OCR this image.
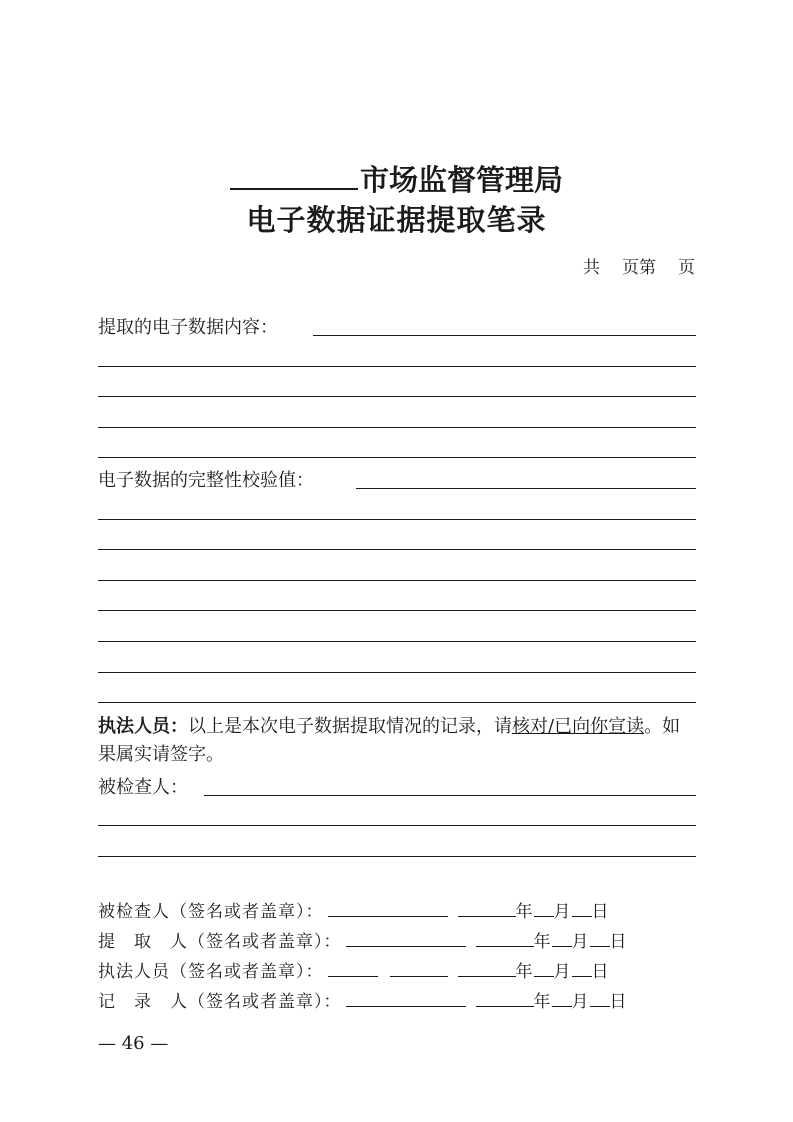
市场监督管理局
电子数据证据提取笔录
共 页第 页
提取的电子数据内容：
电子数据的完整性校验值：
执法人员：以上是本次电子数据提取情况的记录，请核对/已向你宣读。如果属实请签字。
被检查人：
被检查人（签名或者盖章）：	年 月 日
提　取　人（签名或者盖章）：	年 月 日
执法人员（签名或者盖章）：	年 月 日
记　录　人（签名或者盖章）：	年 月 日
— 46 —
